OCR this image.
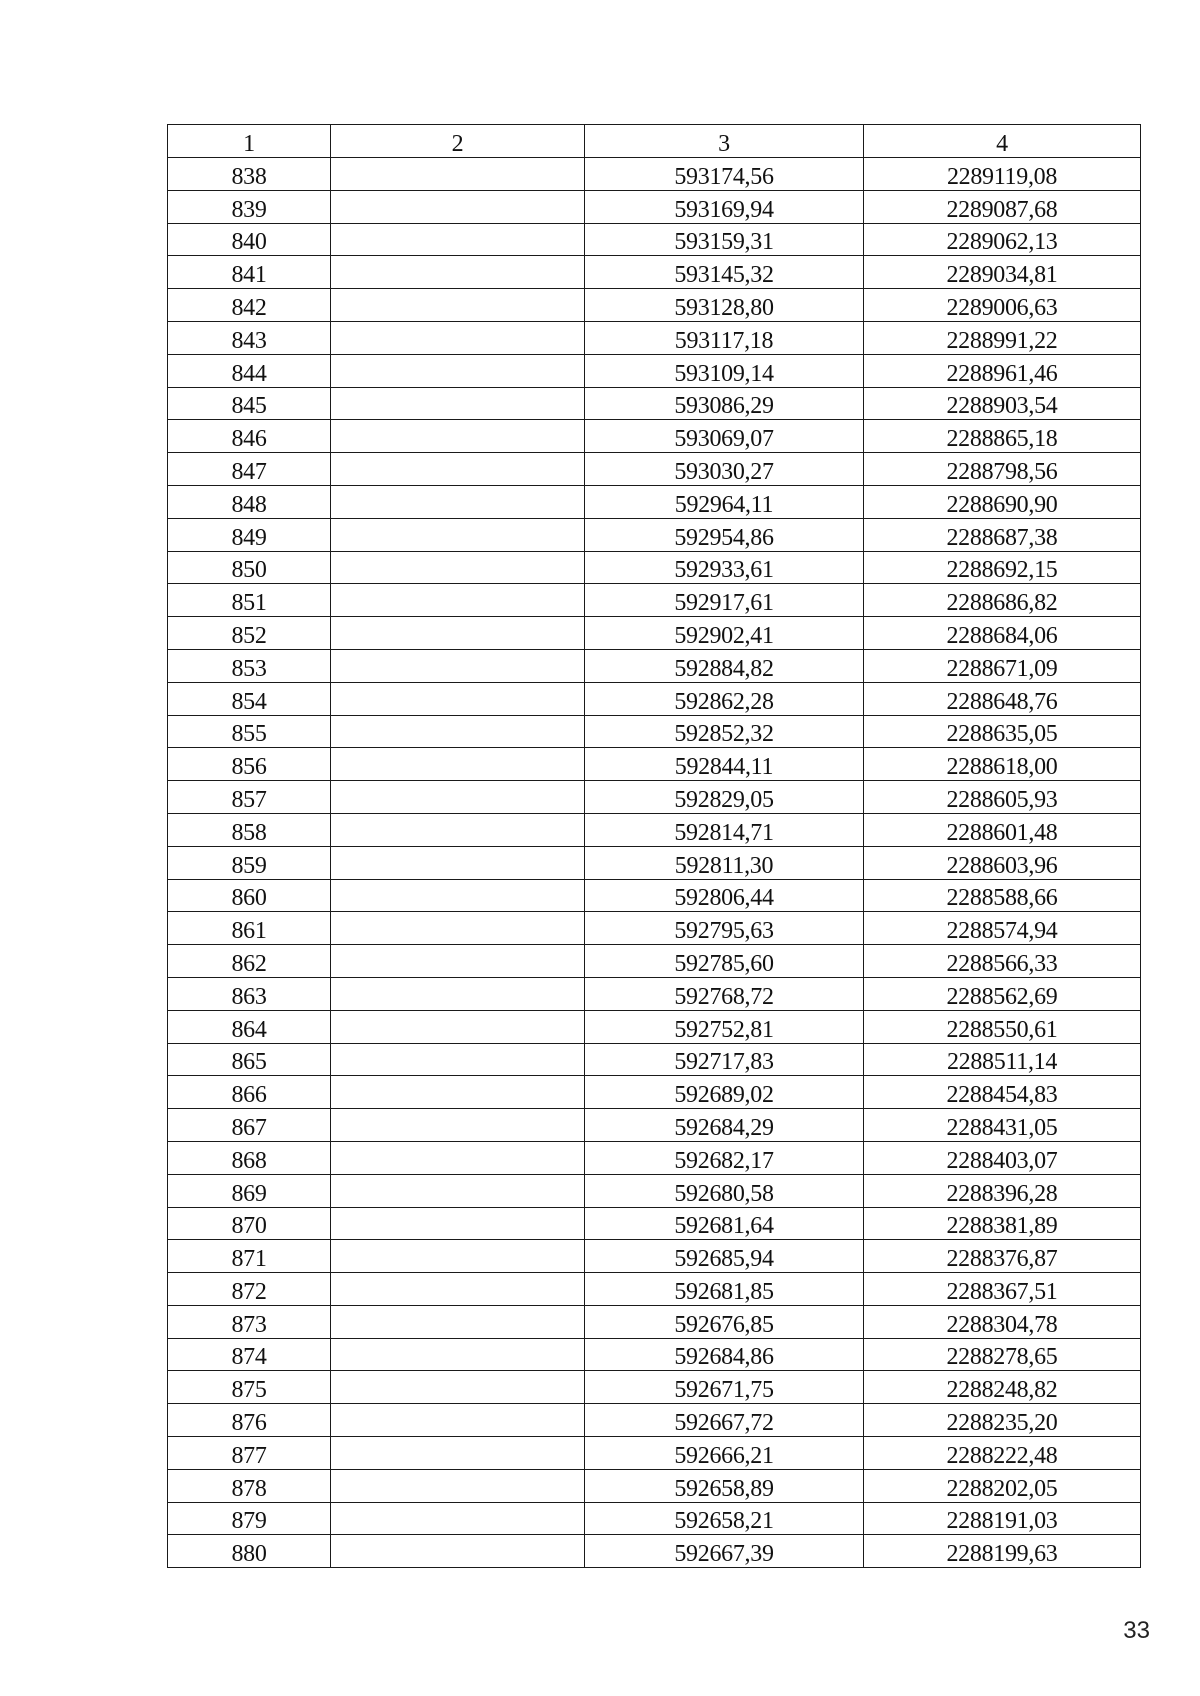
1	2	3	4
838		593174,56	2289119,08
839		593169,94	2289087,68
840		593159,31	2289062,13
841		593145,32	2289034,81
842		593128,80	2289006,63
843		593117,18	2288991,22
844		593109,14	2288961,46
845		593086,29	2288903,54
846		593069,07	2288865,18
847		593030,27	2288798,56
848		592964,11	2288690,90
849		592954,86	2288687,38
850		592933,61	2288692,15
851		592917,61	2288686,82
852		592902,41	2288684,06
853		592884,82	2288671,09
854		592862,28	2288648,76
855		592852,32	2288635,05
856		592844,11	2288618,00
857		592829,05	2288605,93
858		592814,71	2288601,48
859		592811,30	2288603,96
860		592806,44	2288588,66
861		592795,63	2288574,94
862		592785,60	2288566,33
863		592768,72	2288562,69
864		592752,81	2288550,61
865		592717,83	2288511,14
866		592689,02	2288454,83
867		592684,29	2288431,05
868		592682,17	2288403,07
869		592680,58	2288396,28
870		592681,64	2288381,89
871		592685,94	2288376,87
872		592681,85	2288367,51
873		592676,85	2288304,78
874		592684,86	2288278,65
875		592671,75	2288248,82
876		592667,72	2288235,20
877		592666,21	2288222,48
878		592658,89	2288202,05
879		592658,21	2288191,03
880		592667,39	2288199,63
33
